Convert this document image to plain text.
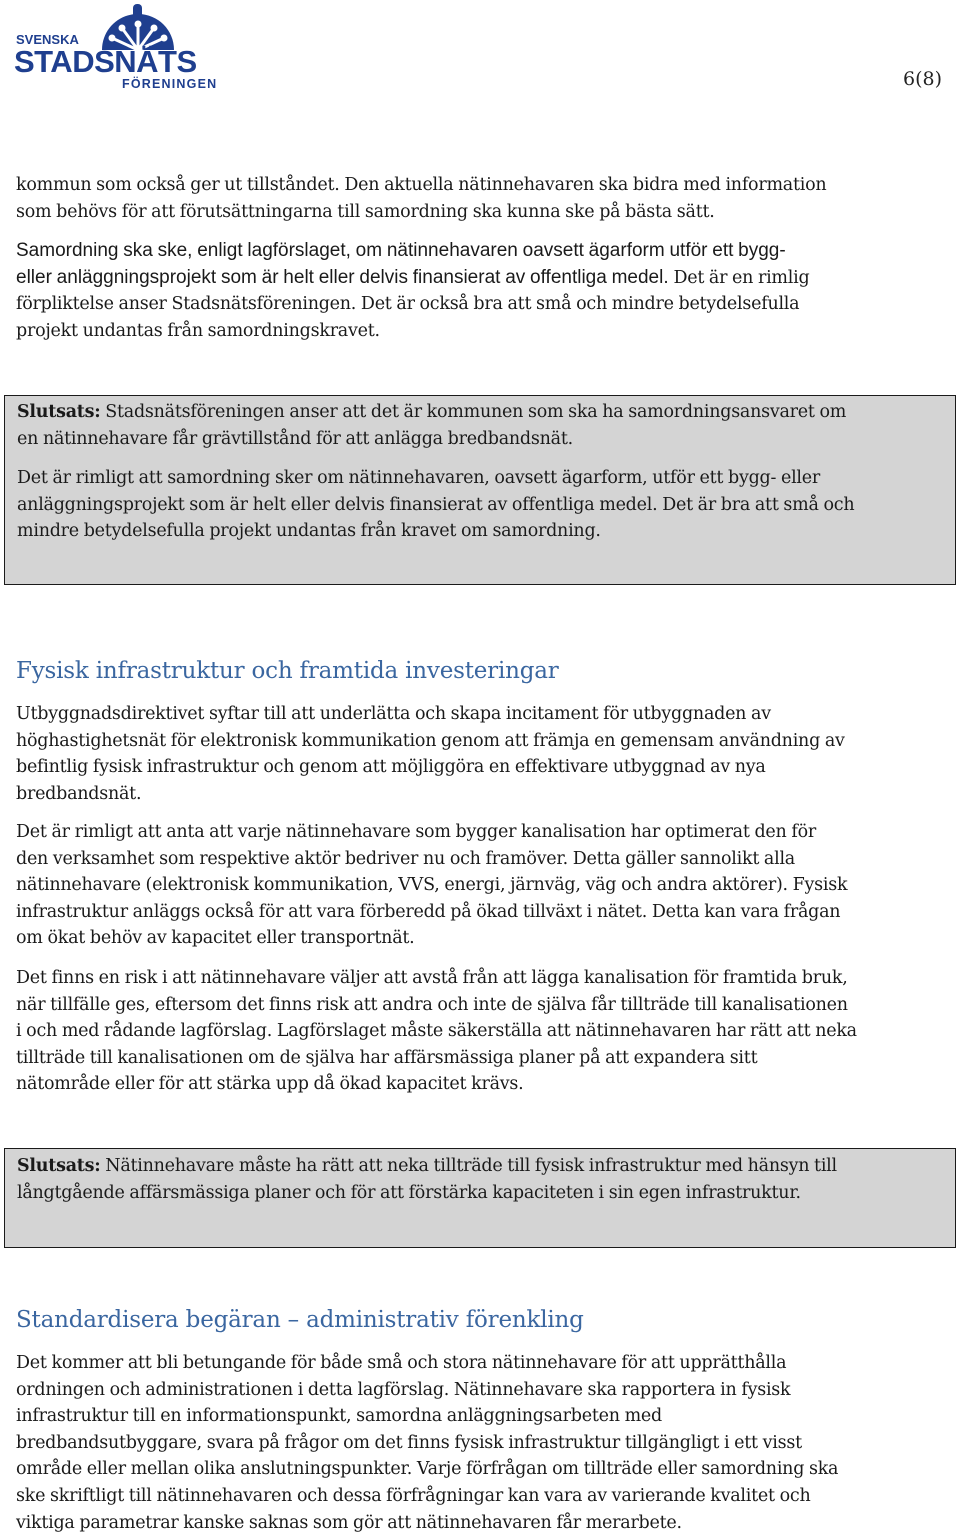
SVENSKA
STADSNÄTS
FÖRENINGEN	6(8)

kommun som också ger ut tillståndet. Den aktuella nätinnehavaren ska bidra med information
som behövs för att förutsättningarna till samordning ska kunna ske på bästa sätt.

Samordning ska ske, enligt lagförslaget, om nätinnehavaren oavsett ägarform utför ett bygg-
eller anläggningsprojekt som är helt eller delvis finansierat av offentliga medel. Det är en rimlig
förpliktelse anser Stadsnätsföreningen. Det är också bra att små och mindre betydelsefulla
projekt undantas från samordningskravet.

Slutsats: Stadsnätsföreningen anser att det är kommunen som ska ha samordningsansvaret om
en nätinnehavare får grävtillstånd för att anlägga bredbandsnät.

Det är rimligt att samordning sker om nätinnehavaren, oavsett ägarform, utför ett bygg- eller
anläggningsprojekt som är helt eller delvis finansierat av offentliga medel. Det är bra att små och
mindre betydelsefulla projekt undantas från kravet om samordning.

Fysisk infrastruktur och framtida investeringar

Utbyggnadsdirektivet syftar till att underlätta och skapa incitament för utbyggnaden av
höghastighetsnät för elektronisk kommunikation genom att främja en gemensam användning av
befintlig fysisk infrastruktur och genom att möjliggöra en effektivare utbyggnad av nya
bredbandsnät.

Det är rimligt att anta att varje nätinnehavare som bygger kanalisation har optimerat den för
den verksamhet som respektive aktör bedriver nu och framöver. Detta gäller sannolikt alla
nätinnehavare (elektronisk kommunikation, VVS, energi, järnväg, väg och andra aktörer). Fysisk
infrastruktur anläggs också för att vara förberedd på ökad tillväxt i nätet. Detta kan vara frågan
om ökat behöv av kapacitet eller transportnät.

Det finns en risk i att nätinnehavare väljer att avstå från att lägga kanalisation för framtida bruk,
när tillfälle ges, eftersom det finns risk att andra och inte de själva får tillträde till kanalisationen
i och med rådande lagförslag. Lagförslaget måste säkerställa att nätinnehavaren har rätt att neka
tillträde till kanalisationen om de själva har affärsmässiga planer på att expandera sitt
nätområde eller för att stärka upp då ökad kapacitet krävs.

Slutsats: Nätinnehavare måste ha rätt att neka tillträde till fysisk infrastruktur med hänsyn till
långtgående affärsmässiga planer och för att förstärka kapaciteten i sin egen infrastruktur.

Standardisera begäran – administrativ förenkling

Det kommer att bli betungande för både små och stora nätinnehavare för att upprätthålla
ordningen och administrationen i detta lagförslag. Nätinnehavare ska rapportera in fysisk
infrastruktur till en informationspunkt, samordna anläggningsarbeten med
bredbandsutbyggare, svara på frågor om det finns fysisk infrastruktur tillgängligt i ett visst
område eller mellan olika anslutningspunkter. Varje förfrågan om tillträde eller samordning ska
ske skriftligt till nätinnehavaren och dessa förfrågningar kan vara av varierande kvalitet och
viktiga parametrar kanske saknas som gör att nätinnehavaren får merarbete.
